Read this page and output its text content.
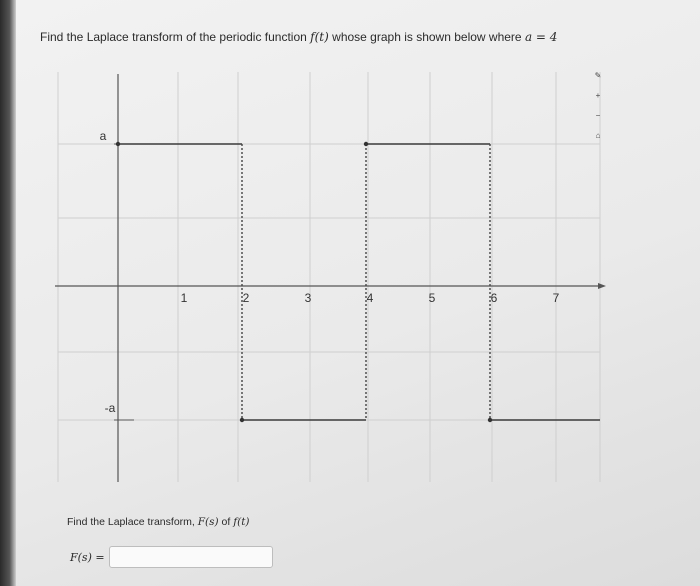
Find the Laplace transform of the periodic function f(t) whose graph is shown below where a = 4
1	2	3	4	5	6	7
a
-a
✎
+
−
⌂
Find the Laplace transform, F(s) of f(t)
F(s) =
